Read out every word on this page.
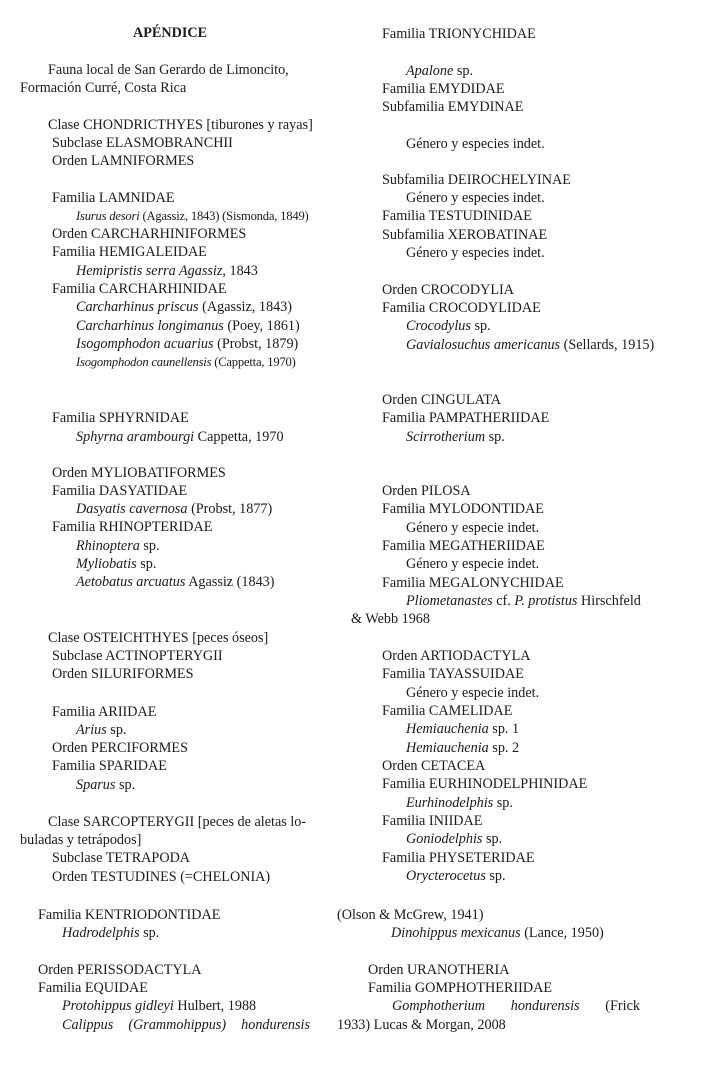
APÉNDICE
Fauna local de San Gerardo de Limoncito,
Formación Curré, Costa Rica
Clase CHONDRICTHYES [tiburones y rayas]
Subclase ELASMOBRANCHII
Orden LAMNIFORMES
Familia LAMNIDAE
Isurus desori (Agassiz, 1843) (Sismonda, 1849)
Orden CARCHARHINIFORMES
Familia HEMIGALEIDAE
Hemipristis serra Agassiz, 1843
Familia CARCHARHINIDAE
Carcharhinus priscus (Agassiz, 1843)
Carcharhinus longimanus (Poey, 1861)
Isogomphodon acuarius (Probst, 1879)
Isogomphodon caunellensis (Cappetta, 1970)
Familia SPHYRNIDAE
Sphyrna arambourgi Cappetta, 1970
Orden MYLIOBATIFORMES
Familia DASYATIDAE
Dasyatis cavernosa (Probst, 1877)
Familia RHINOPTERIDAE
Rhinoptera sp.
Myliobatis sp.
Aetobatus arcuatus Agassiz (1843)
Clase OSTEICHTHYES [peces óseos]
Subclase ACTINOPTERYGII
Orden SILURIFORMES
Familia ARIIDAE
Arius sp.
Orden PERCIFORMES
Familia SPARIDAE
Sparus sp.
Clase SARCOPTERYGII [peces de aletas lo-
buladas y tetrápodos]
Subclase TETRAPODA
Orden TESTUDINES (=CHELONIA)
Familia KENTRIODONTIDAE
Hadrodelphis sp.
Orden PERISSODACTYLA
Familia EQUIDAE
Protohippus gidleyi Hulbert, 1988
Calippus (Grammohippus) hondurensis
Familia TRIONYCHIDAE
Apalone sp.
Familia EMYDIDAE
Subfamilia EMYDINAE
Género y especies indet.
Subfamilia DEIROCHELYINAE
Género y especies indet.
Familia TESTUDINIDAE
Subfamilia XEROBATINAE
Género y especies indet.
Orden CROCODYLIA
Familia CROCODYLIDAE
Crocodylus sp.
Gavialosuchus americanus (Sellards, 1915)
Orden CINGULATA
Familia PAMPATHERIIDAE
Scirrotherium sp.
Orden PILOSA
Familia MYLODONTIDAE
Género y especie indet.
Familia MEGATHERIIDAE
Género y especie indet.
Familia MEGALONYCHIDAE
Pliometanastes cf. P. protistus Hirschfeld
& Webb 1968
Orden ARTIODACTYLA
Familia TAYASSUIDAE
Género y especie indet.
Familia CAMELIDAE
Hemiauchenia sp. 1
Hemiauchenia sp. 2
Orden CETACEA
Familia EURHINODELPHINIDAE
Eurhinodelphis sp.
Familia INIIDAE
Goniodelphis sp.
Familia PHYSETERIDAE
Orycterocetus sp.
(Olson & McGrew, 1941)
Dinohippus mexicanus (Lance, 1950)
Orden URANOTHERIA
Familia GOMPHOTHERIIDAE
Gomphotherium hondurensis (Frick
1933) Lucas & Morgan, 2008
